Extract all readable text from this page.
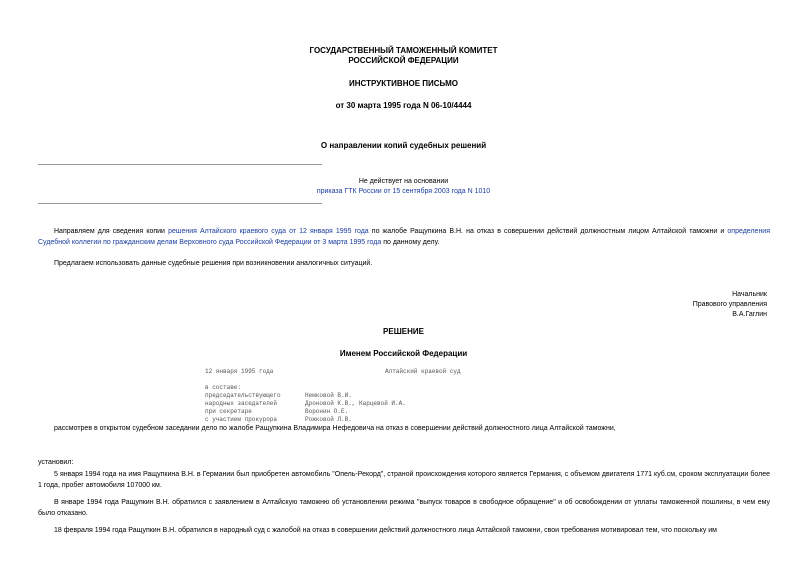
ГОСУДАРСТВЕННЫЙ ТАМОЖЕННЫЙ КОМИТЕТ
РОССИЙСКОЙ ФЕДЕРАЦИИ
ИНСТРУКТИВНОЕ ПИСЬМО
от 30 марта 1995 года N 06-10/4444
О направлении копий судебных решений
Не действует на основании
приказа ГТК России от 15 сентября 2003 года N 1010
Направляем для сведения копии решения Алтайского краевого суда от 12 января 1995 года по жалобе Ращупкина В.Н. на отказ в совершении действий должностным лицом Алтайской таможни и определения Судебной коллегии по гражданским делам Верховного суда Российской Федерации от 3 марта 1995 года по данному делу.
Предлагаем использовать данные судебные решения при возникновении аналогичных ситуаций.
Начальник
Правового управления
В.А.Гаглин
РЕШЕНИЕ
Именем Российской Федерации
12 января 1995 года	Алтайский краевой суд
в составе:
председательствующего	Немковой В.И.
народных заседателей	Дроновой К.В., Карцевой И.А.
при секретаре	Воронин О.Е.
с участием прокурора	Рожковой Л.В.
рассмотрев в открытом судебном заседании дело по жалобе Ращупкина Владимира Нефедовича на отказ в совершении действий должностного лица Алтайской таможни,
установил:
5 января 1994 года на имя Ращупкина В.Н. в Германии был приобретен автомобиль "Опель-Рекорд", страной происхождения которого является Германия, с объемом двигателя 1771 куб.см, сроком эксплуатации более 1 года, пробег автомобиля 107000 км.
В январе 1994 года Ращупкин В.Н. обратился с заявлением в Алтайскую таможню об установлении режима "выпуск товаров в свободное обращение" и об освобождении от уплаты таможенной пошлины, в чем ему было отказано.
18 февраля 1994 года Ращупкин В.Н. обратился в народный суд с жалобой на отказ в совершении действий должностного лица Алтайской таможни, свои требования мотивировал тем, что поскольку им
